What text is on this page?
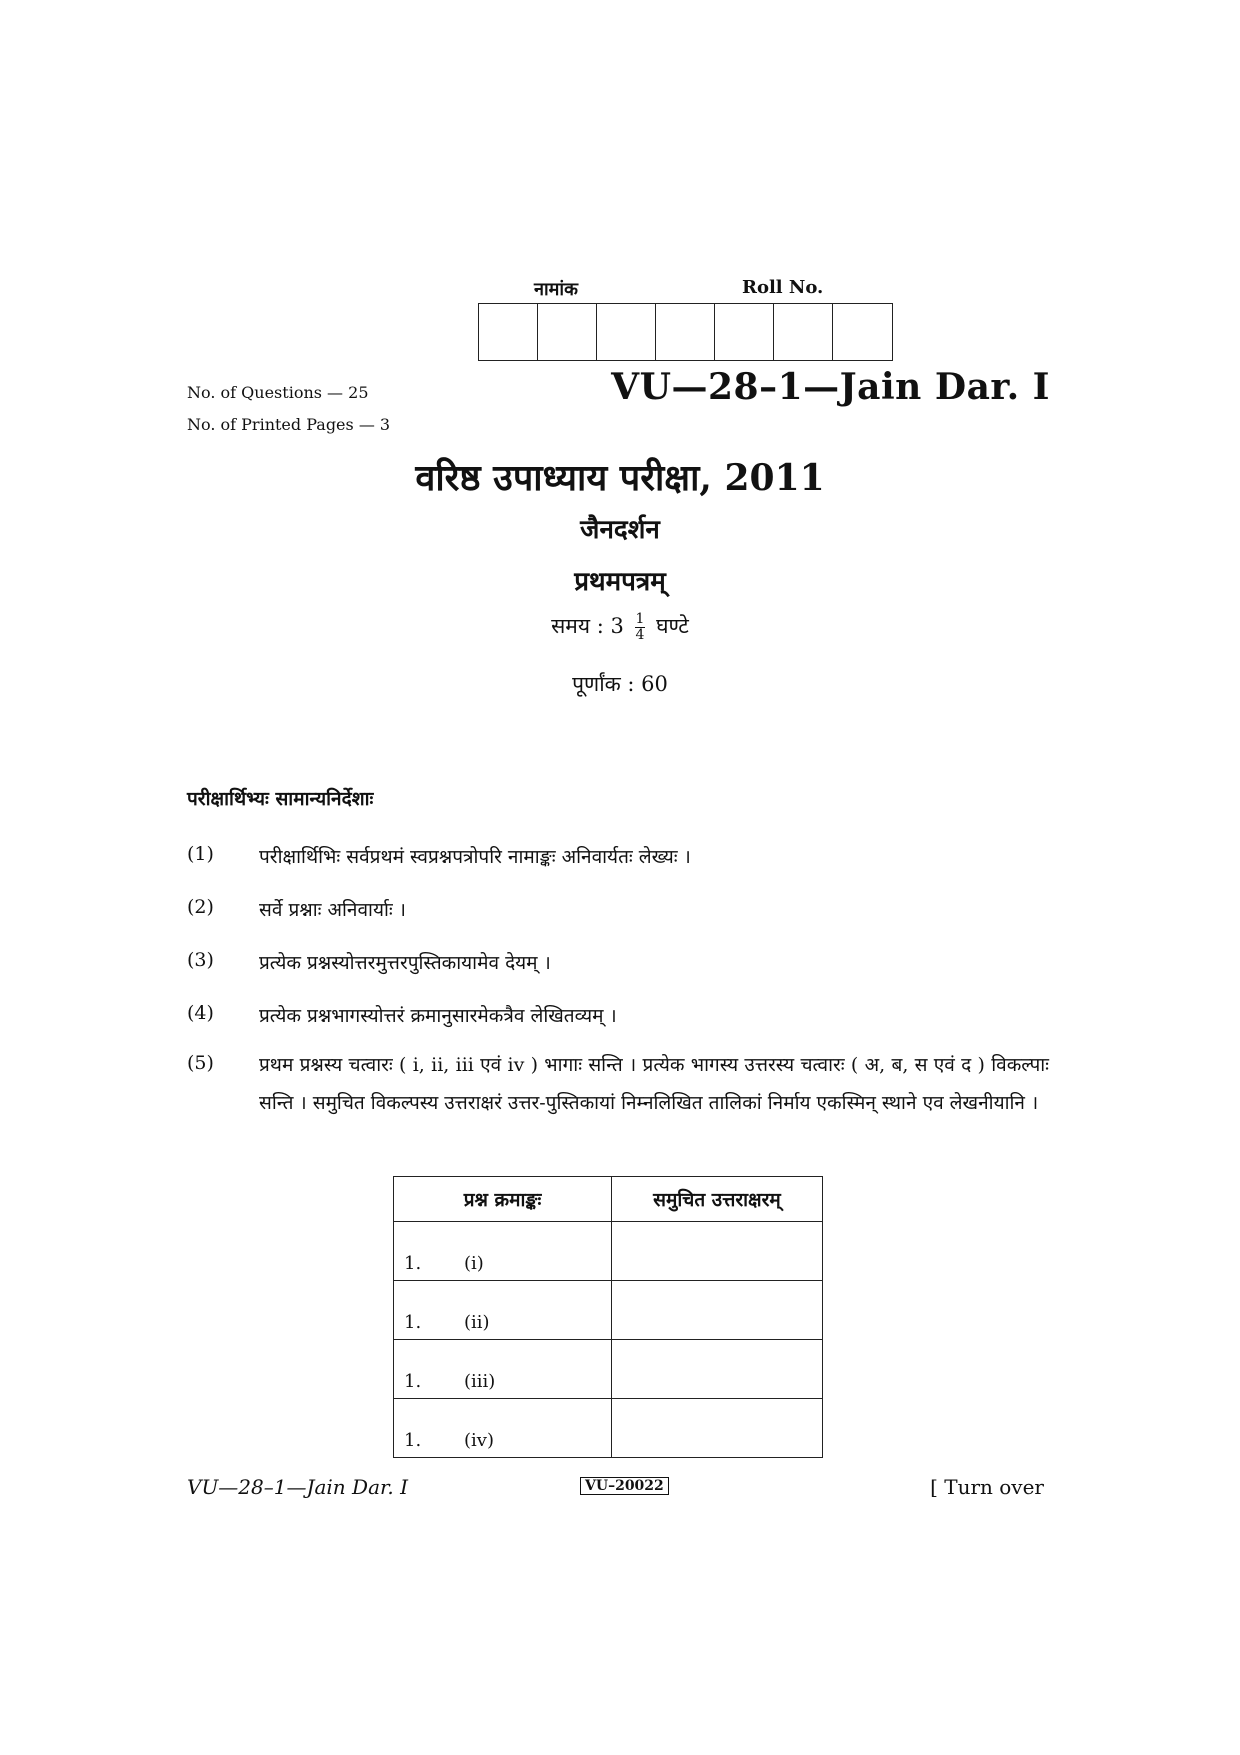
नामांक	Roll No.
No. of Questions — 25
No. of Printed Pages — 3
VU—28–1—Jain Dar. I
वरिष्ठ उपाध्याय परीक्षा, 2011
जैनदर्शन
प्रथमपत्रम्
समय : $3 \frac{1}{4}$ घण्टे
पूर्णांक : 60
परीक्षार्थिभ्यः सामान्यनिर्देशाः
(1)	परीक्षार्थिभिः सर्वप्रथमं स्वप्रश्नपत्रोपरि नामाङ्कः अनिवार्यतः लेख्यः ।
(2)	सर्वे प्रश्नाः अनिवार्याः ।
(3)	प्रत्येक प्रश्नस्योत्तरमुत्तरपुस्तिकायामेव देयम् ।
(4)	प्रत्येक प्रश्नभागस्योत्तरं क्रमानुसारमेकत्रैव लेखितव्यम् ।
(5)	प्रथम प्रश्नस्य चत्वारः ( i, ii, iii एवं iv ) भागाः सन्ति । प्रत्येक भागस्य उत्तरस्य चत्वारः ( अ, ब, स एवं द ) विकल्पाः सन्ति । समुचित विकल्पस्य उत्तराक्षरं उत्तर-पुस्तिकायां निम्नलिखित तालिकां निर्माय एकस्मिन् स्थाने एव लेखनीयानि ।
प्रश्न क्रमाङ्कः	समुचित उत्तराक्षरम्
1. (i)	
1. (ii)	
1. (iii)	
1. (iv)	
VU—28–1—Jain Dar. I	VU–20022	[ Turn over
